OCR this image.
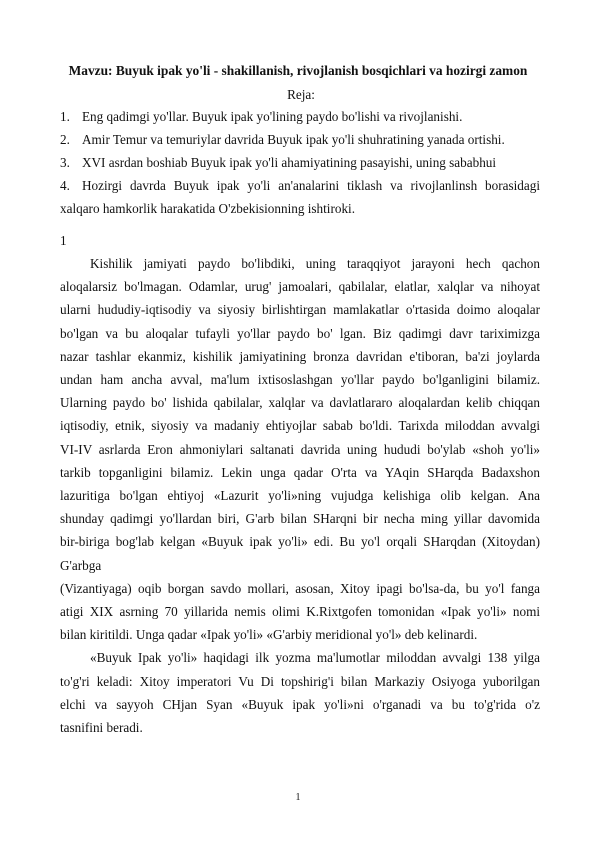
Mavzu: Buyuk ipak yo'li - shakillanish, rivojlanish bosqichlari va hozirgi zamon
Reja:
1. Eng qadimgi yo'llar. Buyuk ipak yo'lining paydo bo'lishi va rivojlanishi.
2. Amir Temur va temuriylar davrida Buyuk ipak yo'li shuhratining yanada ortishi.
3. XVI asrdan boshiab Buyuk ipak yo'li ahamiyatining pasayishi, uning sababhui
4. Hozirgi davrda Buyuk ipak yo'li an'analarini tiklash va rivojlanlinsh borasidagi
xalqaro hamkorlik harakatida O'zbekisionning ishtiroki.
1
Kishilik jamiyati paydo bo'libdiki, uning taraqqiyot jarayoni hech qachon
aloqalarsiz bo'lmagan. Odamlar, urug' jamoalari, qabilalar, elatlar, xalqlar va nihoyat
ularni hududiy-iqtisodiy va siyosiy birlishtirgan mamlakatlar o'rtasida doimo aloqalar
bo'lgan va bu aloqalar tufayli yo'llar paydo bo' lgan. Biz qadimgi davr tariximizga
nazar tashlar ekanmiz, kishilik jamiyatining bronza davridan e'tiboran, ba'zi joylarda
undan ham ancha avval, ma'lum ixtisoslashgan yo'llar paydo bo'lganligini bilamiz.
Ularning paydo bo' lishida qabilalar, xalqlar va davlatlararo aloqalardan kelib chiqqan
iqtisodiy, etnik, siyosiy va madaniy ehtiyojlar sabab bo'ldi. Tarixda miloddan avvalgi
VI-IV asrlarda Eron ahmoniylari saltanati davrida uning hududi bo'ylab «shoh yo'li»
tarkib topganligini bilamiz. Lekin unga qadar O'rta va YAqin SHarqda Badaxshon
lazuritiga bo'lgan ehtiyoj «Lazurit yo'li»ning vujudga kelishiga olib kelgan. Ana
shunday qadimgi yo'llardan biri, G'arb bilan SHarqni bir necha ming yillar davomida
bir-biriga bog'lab kelgan «Buyuk ipak yo'li» edi. Bu yo'l orqali SHarqdan (Xitoydan)
G'arbga
(Vizantiyaga) oqib borgan savdo mollari, asosan, Xitoy ipagi bo'lsa-da, bu yo'l fanga
atigi XIX asrning 70 yillarida nemis olimi K.Rixtgofen tomonidan «Ipak yo'li» nomi
bilan kiritildi. Unga qadar «Ipak yo'li» «G'arbiy meridional yo'l» deb kelinardi.
«Buyuk Ipak yo'li» haqidagi ilk yozma ma'lumotlar miloddan avvalgi 138 yilga
to'g'ri keladi: Xitoy imperatori Vu Di topshirig'i bilan Markaziy Osiyoga yuborilgan
elchi va sayyoh CHjan Syan «Buyuk ipak yo'li»ni o'rganadi va bu to'g'rida o'z
tasnifini beradi.
1
